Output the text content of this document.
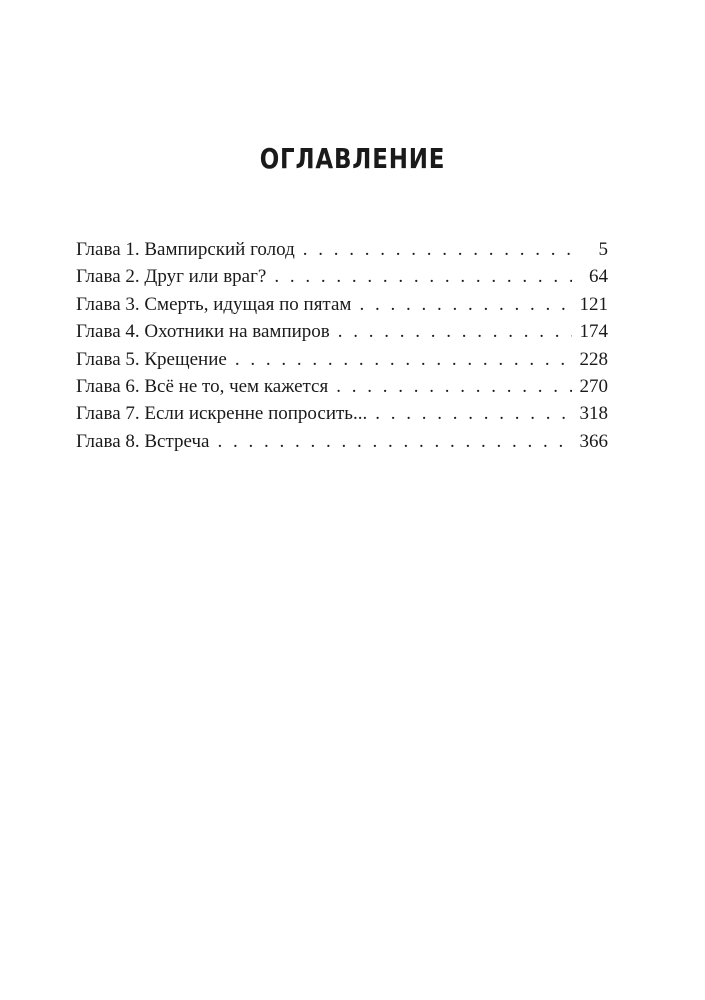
ОГЛАВЛЕНИЕ
Глава 1. Вампирский голод . . .	5
Глава 2. Друг или враг? . . .	64
Глава 3. Смерть, идущая по пятам . . .	121
Глава 4. Охотники на вампиров . . .	174
Глава 5. Крещение . . .	228
Глава 6. Всё не то, чем кажется . . .	270
Глава 7. Если искренне попросить... . . .	318
Глава 8. Встреча . . .	366
